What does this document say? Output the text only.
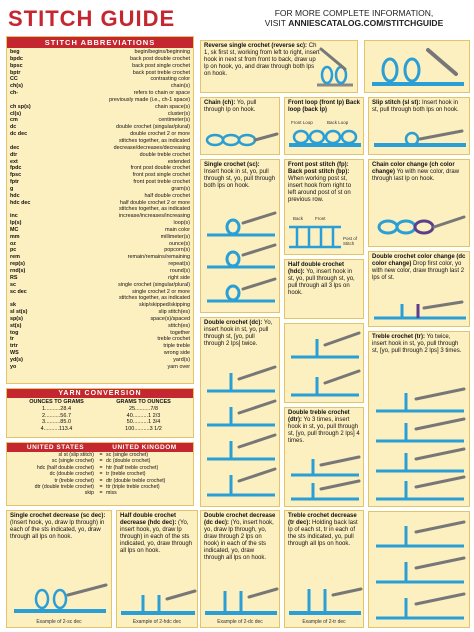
STITCH GUIDE	FOR MORE COMPLETE INFORMATION,
VISIT ANNIESCATALOG.COM/STITCHGUIDE
STITCH ABBREVIATIONS
beg	begin/begins/beginning
bpdc	back post double crochet
bpsc	back post single crochet
bptr	back post treble crochet
CC	contrasting color
ch(s)	chain(s)
ch-	refers to chain or space
previously made (i.e., ch-1 space)
ch sp(s)	chain space(s)
cl(s)	cluster(s)
cm	centimeter(s)
dc	double crochet (singular/plural)
dc dec	double crochet 2 or more
stitches together, as indicated
dec	decrease/decreases/decreasing
dtr	double treble crochet
ext	extended
fpdc	front post double crochet
fpsc	front post single crochet
fptr	front post treble crochet
g	gram(s)
hdc	half double crochet
hdc dec	half double crochet 2 or more
stitches together, as indicated
inc	increase/increases/increasing
lp(s)	loop(s)
MC	main color
mm	millimeter(s)
oz	ounce(s)
pc	popcorn(s)
rem	remain/remains/remaining
rep(s)	repeat(s)
rnd(s)	round(s)
RS	right side
sc	single crochet (singular/plural)
sc dec	single crochet 2 or more
stitches together, as indicated
sk	skip/skipped/skipping
sl st(s)	slip stitch(es)
sp(s)	space(s)/spaced
st(s)	stitch(es)
tog	together
tr	treble crochet
trtr	triple treble
WS	wrong side
yd(s)	yard(s)
yo	yarn over
YARN CONVERSION
OUNCES TO GRAMS
1..........28.4
2..........56.7
3..........85.0
4..........113.4
GRAMS TO OUNCES
25..........7/8
40..........1 2/3
50..........1 3/4
100..........3 1/2
UNITED STATES	UNITED KINGDOM
sl st (slip stitch)	= sc (single crochet)
sc (single crochet)	= dc (double crochet)
hdc (half double crochet)	= htr (half treble crochet)
dc (double crochet)	= tr (treble crochet)
tr (treble crochet)	= dtr (double treble crochet)
dtr (double treble crochet)	= ttr (triple treble crochet)
skip	= miss
Reverse single crochet (reverse sc): Ch 1, sk first st, working from left to right, insert hook in next st from front to back, draw up lp on hook, yo, and draw through both lps on hook.
Chain (ch): Yo, pull through lp on hook.
Front loop (front lp) Back loop (back lp)
Front Loop	Back Loop
Slip stitch (sl st): Insert hook in st, pull through both lps on hook.
Single crochet (sc): Insert hook in st, yo, pull through st, yo, pull through both lps on hook.
Front post stitch (fp): Back post stitch (bp): When working post st, insert hook from right to left around post of st on previous row.
Back	Front
Post of Stitch
Chain color change (ch color change) Yo with new color, draw through last lp on hook.
Half double crochet (hdc): Yo, insert hook in st, yo, pull through st, yo, pull through all 3 lps on hook.
Double crochet color change (dc color change) Drop first color, yo with new color, draw through last 2 lps of st.
Double crochet (dc): Yo, insert hook in st, yo, pull through st, [yo, pull through 2 lps] twice.
Treble crochet (tr): Yo twice, insert hook in st, yo, pull through st, [yo, pull through 2 lps] 3 times.
Double treble crochet (dtr): Yo 3 times, insert hook in st, yo, pull through st, [yo, pull through 2 lps] 4 times.
Single crochet decrease (sc dec): (Insert hook, yo, draw lp through) in each of the sts indicated, yo, draw through all lps on hook.
Example of 2-sc dec
Half double crochet decrease (hdc dec): (Yo, insert hook, yo, draw lp through) in each of the sts indicated, yo, draw through all lps on hook.
Example of 2-hdc dec
Double crochet decrease (dc dec): (Yo, insert hook, yo, draw lp through, yo, draw through 2 lps on hook) in each of the sts indicated, yo, draw through all lps on hook.
Example of 2-dc dec
Treble crochet decrease (tr dec): Holding back last lp of each st, tr in each of the sts indicated, yo, pull through all lps on hook.
Example of 2-tr dec
